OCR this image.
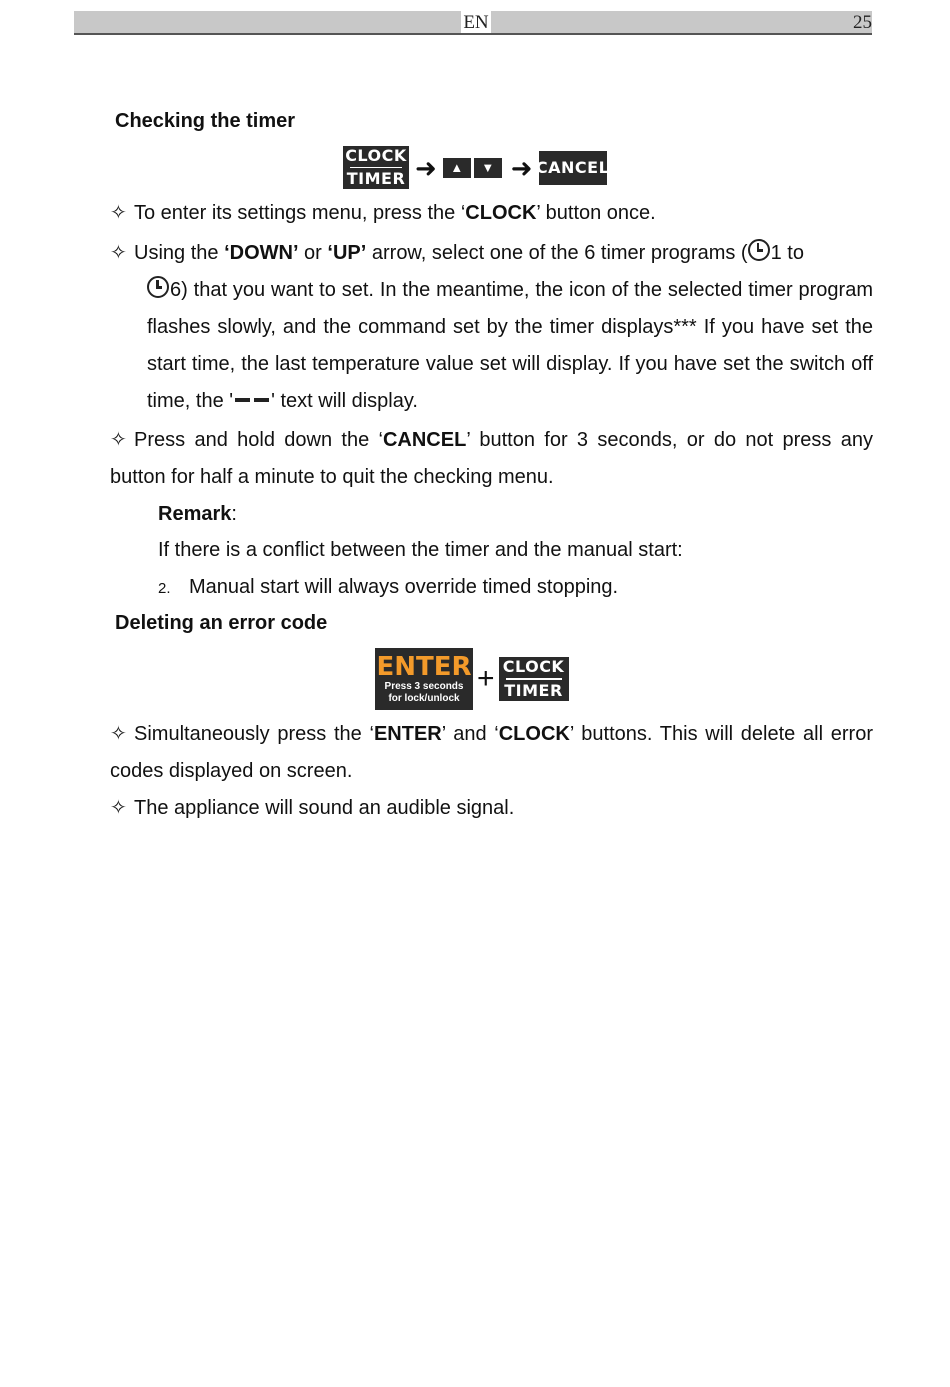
EN	25
Checking the timer
CLOCK
TIMER ➜	▲	▼ ➜ CANCEL
✧ To enter its settings menu, press the ‘CLOCK’ button once.
✧ Using the ‘DOWN’ or ‘UP’ arrow, select one of the 6 timer programs ( 1 to
6) that you want to set. In the meantime, the icon of the selected timer program flashes slowly, and the command set by the timer displays*** If you have set the start time, the last temperature value set will display. If you have set the switch off time, the ' ' text will display.
✧ Press and hold down the ‘CANCEL’ button for 3 seconds, or do not press any button for half a minute to quit the checking menu.
Remark:
If there is a conflict between the timer and the manual start:
2. Manual start will always override timed stopping.
Deleting an error code
ENTER
Press 3 seconds
for lock/unlock
+ CLOCK
TIMER
✧ Simultaneously press the ‘ENTER’ and ‘CLOCK’ buttons. This will delete all error codes displayed on screen.
✧ The appliance will sound an audible signal.
